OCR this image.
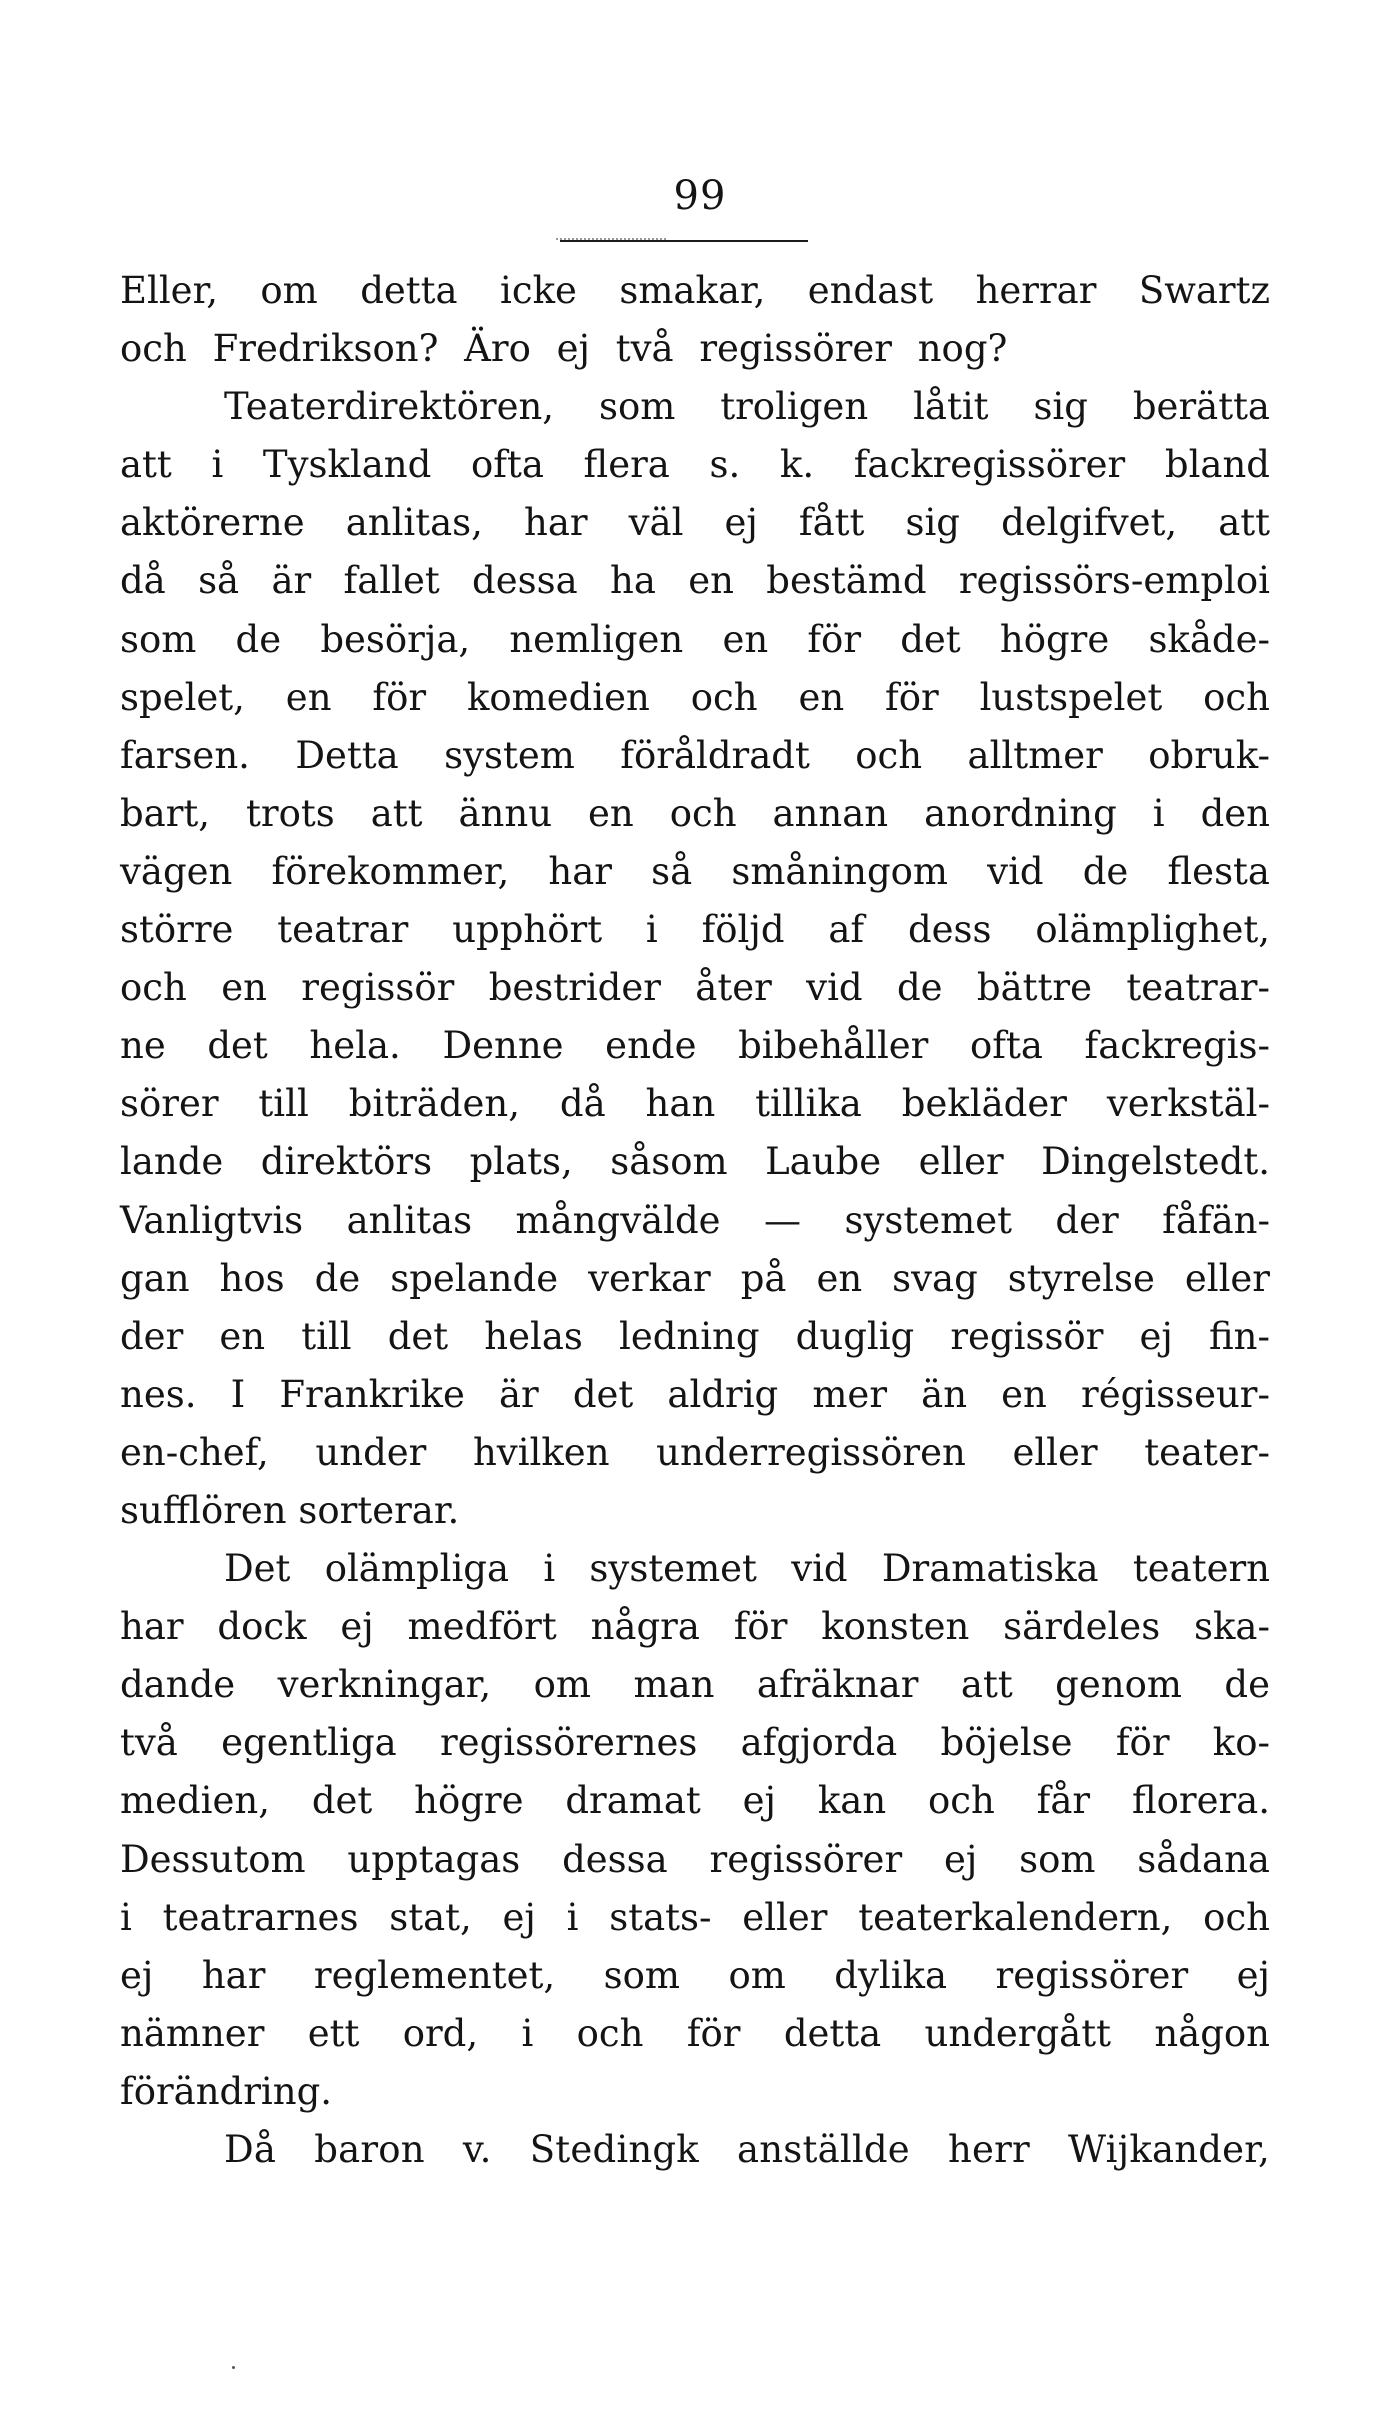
99
Eller, om detta icke smakar, endast herrar Swartz
och Fredrikson? Äro ej två regissörer nog?
Teaterdirektören, som troligen låtit sig berätta
att i Tyskland ofta flera s. k. fackregissörer bland
aktörerne anlitas, har väl ej fått sig delgifvet, att
då så är fallet dessa ha en bestämd regissörs-emploi
som de besörja, nemligen en för det högre skåde-
spelet, en för komedien och en för lustspelet och
farsen. Detta system föråldradt och alltmer obruk-
bart, trots att ännu en och annan anordning i den
vägen förekommer, har så småningom vid de flesta
större teatrar upphört i följd af dess olämplighet,
och en regissör bestrider åter vid de bättre teatrar-
ne det hela. Denne ende bibehåller ofta fackregis-
sörer till biträden, då han tillika bekläder verkstäl-
lande direktörs plats, såsom Laube eller Dingelstedt.
Vanligtvis anlitas mångvälde — systemet der fåfän-
gan hos de spelande verkar på en svag styrelse eller
der en till det helas ledning duglig regissör ej fin-
nes. I Frankrike är det aldrig mer än en régisseur-
en-chef, under hvilken underregissören eller teater-
sufflören sorterar.
Det olämpliga i systemet vid Dramatiska teatern
har dock ej medfört några för konsten särdeles ska-
dande verkningar, om man afräknar att genom de
två egentliga regissörernes afgjorda böjelse för ko-
medien, det högre dramat ej kan och får florera.
Dessutom upptagas dessa regissörer ej som sådana
i teatrarnes stat, ej i stats- eller teaterkalendern, och
ej har reglementet, som om dylika regissörer ej
nämner ett ord, i och för detta undergått någon
förändring.
Då baron v. Stedingk anställde herr Wijkander,
